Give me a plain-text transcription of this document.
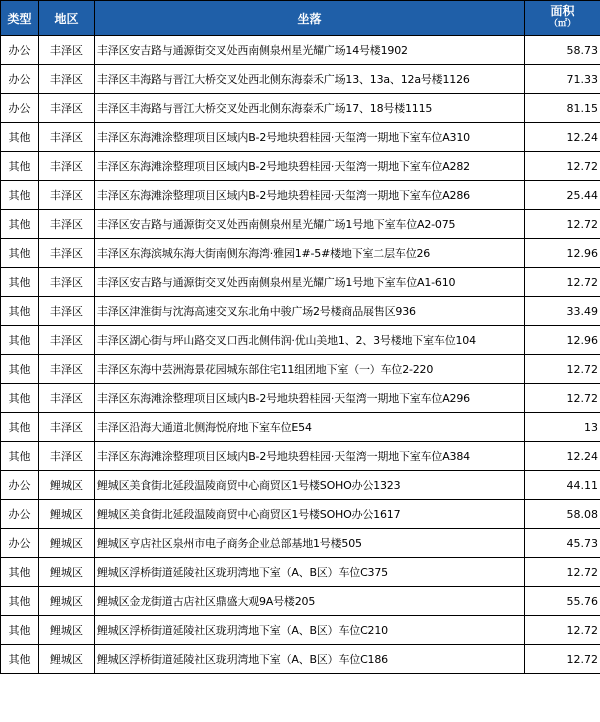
类型	地区	坐落	面积
（㎡）

办公	丰泽区	丰泽区安吉路与通源街交叉处西南侧泉州星光耀广场14号楼1902	58.73
办公	丰泽区	丰泽区丰海路与晋江大桥交叉处西北侧东海泰禾广场13、13a、12a号楼1126	71.33
办公	丰泽区	丰泽区丰海路与晋江大桥交叉处西北侧东海泰禾广场17、18号楼1115	81.15
其他	丰泽区	丰泽区东海滩涂整理项目区域内B-2号地块碧桂园·天玺湾一期地下室车位A310	12.24
其他	丰泽区	丰泽区东海滩涂整理项目区域内B-2号地块碧桂园·天玺湾一期地下室车位A282	12.72
其他	丰泽区	丰泽区东海滩涂整理项目区域内B-2号地块碧桂园·天玺湾一期地下室车位A286	25.44
其他	丰泽区	丰泽区安吉路与通源街交叉处西南侧泉州星光耀广场1号地下室车位A2-075	12.72
其他	丰泽区	丰泽区东海滨城东海大街南侧东海湾·雅园1#-5#楼地下室二层车位26	12.96
其他	丰泽区	丰泽区安吉路与通源街交叉处西南侧泉州星光耀广场1号地下室车位A1-610	12.72
其他	丰泽区	丰泽区津淮街与沈海高速交叉东北角中骏广场2号楼商品展售区936	33.49
其他	丰泽区	丰泽区湖心街与坪山路交叉口西北侧伟润·优山美地1、2、3号楼地下室车位104	12.96
其他	丰泽区	丰泽区东海中芸洲海景花园城东部住宅11组团地下室（一）车位2-220	12.72
其他	丰泽区	丰泽区东海滩涂整理项目区域内B-2号地块碧桂园·天玺湾一期地下室车位A296	12.72
其他	丰泽区	丰泽区沿海大通道北侧海悦府地下室车位E54	13
其他	丰泽区	丰泽区东海滩涂整理项目区域内B-2号地块碧桂园·天玺湾一期地下室车位A384	12.24
办公	鲤城区	鲤城区美食街北延段温陵商贸中心商贸区1号楼SOHO办公1323	44.11
办公	鲤城区	鲤城区美食街北延段温陵商贸中心商贸区1号楼SOHO办公1617	58.08
办公	鲤城区	鲤城区亨店社区泉州市电子商务企业总部基地1号楼505	45.73
其他	鲤城区	鲤城区浮桥街道延陵社区珑玥湾地下室（A、B区）车位C375	12.72
其他	鲤城区	鲤城区金龙街道古店社区鼎盛大观9A号楼205	55.76
其他	鲤城区	鲤城区浮桥街道延陵社区珑玥湾地下室（A、B区）车位C210	12.72
其他	鲤城区	鲤城区浮桥街道延陵社区珑玥湾地下室（A、B区）车位C186	12.72
